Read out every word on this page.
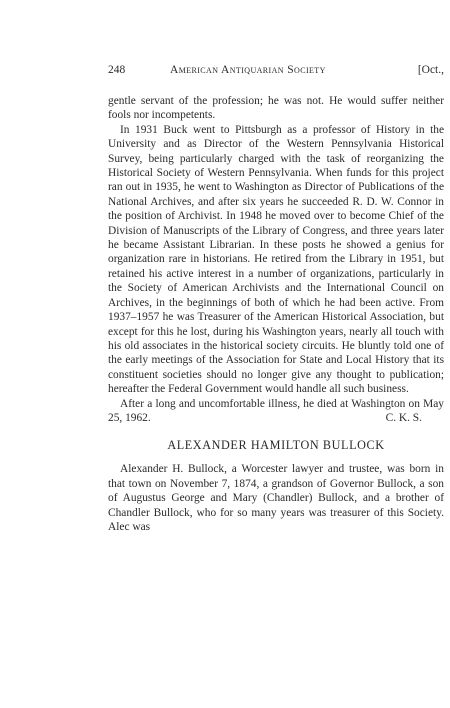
248	American Antiquarian Society	[Oct.,

gentle servant of the profession; he was not. He would suffer neither fools nor incompetents.

In 1931 Buck went to Pittsburgh as a professor of History in the University and as Director of the Western Pennsylvania Historical Survey, being particularly charged with the task of reorganizing the Historical Society of Western Pennsylvania. When funds for this project ran out in 1935, he went to Washington as Director of Publications of the National Archives, and after six years he succeeded R. D. W. Connor in the position of Archivist. In 1948 he moved over to become Chief of the Division of Manuscripts of the Library of Congress, and three years later he became Assistant Librarian. In these posts he showed a genius for organization rare in historians. He retired from the Library in 1951, but retained his active interest in a number of organizations, particularly in the Society of American Archivists and the International Council on Archives, in the beginnings of both of which he had been active. From 1937–1957 he was Treasurer of the American Historical Association, but except for this he lost, during his Washington years, nearly all touch with his old associates in the historical society circuits. He bluntly told one of the early meetings of the Association for State and Local History that its constituent societies should no longer give any thought to publication; hereafter the Federal Government would handle all such business.

After a long and uncomfortable illness, he died at Washington on May 25, 1962.	C. K. S.
ALEXANDER HAMILTON BULLOCK

Alexander H. Bullock, a Worcester lawyer and trustee, was born in that town on November 7, 1874, a grandson of Governor Bullock, a son of Augustus George and Mary (Chandler) Bullock, and a brother of Chandler Bullock, who for so many years was treasurer of this Society. Alec was
